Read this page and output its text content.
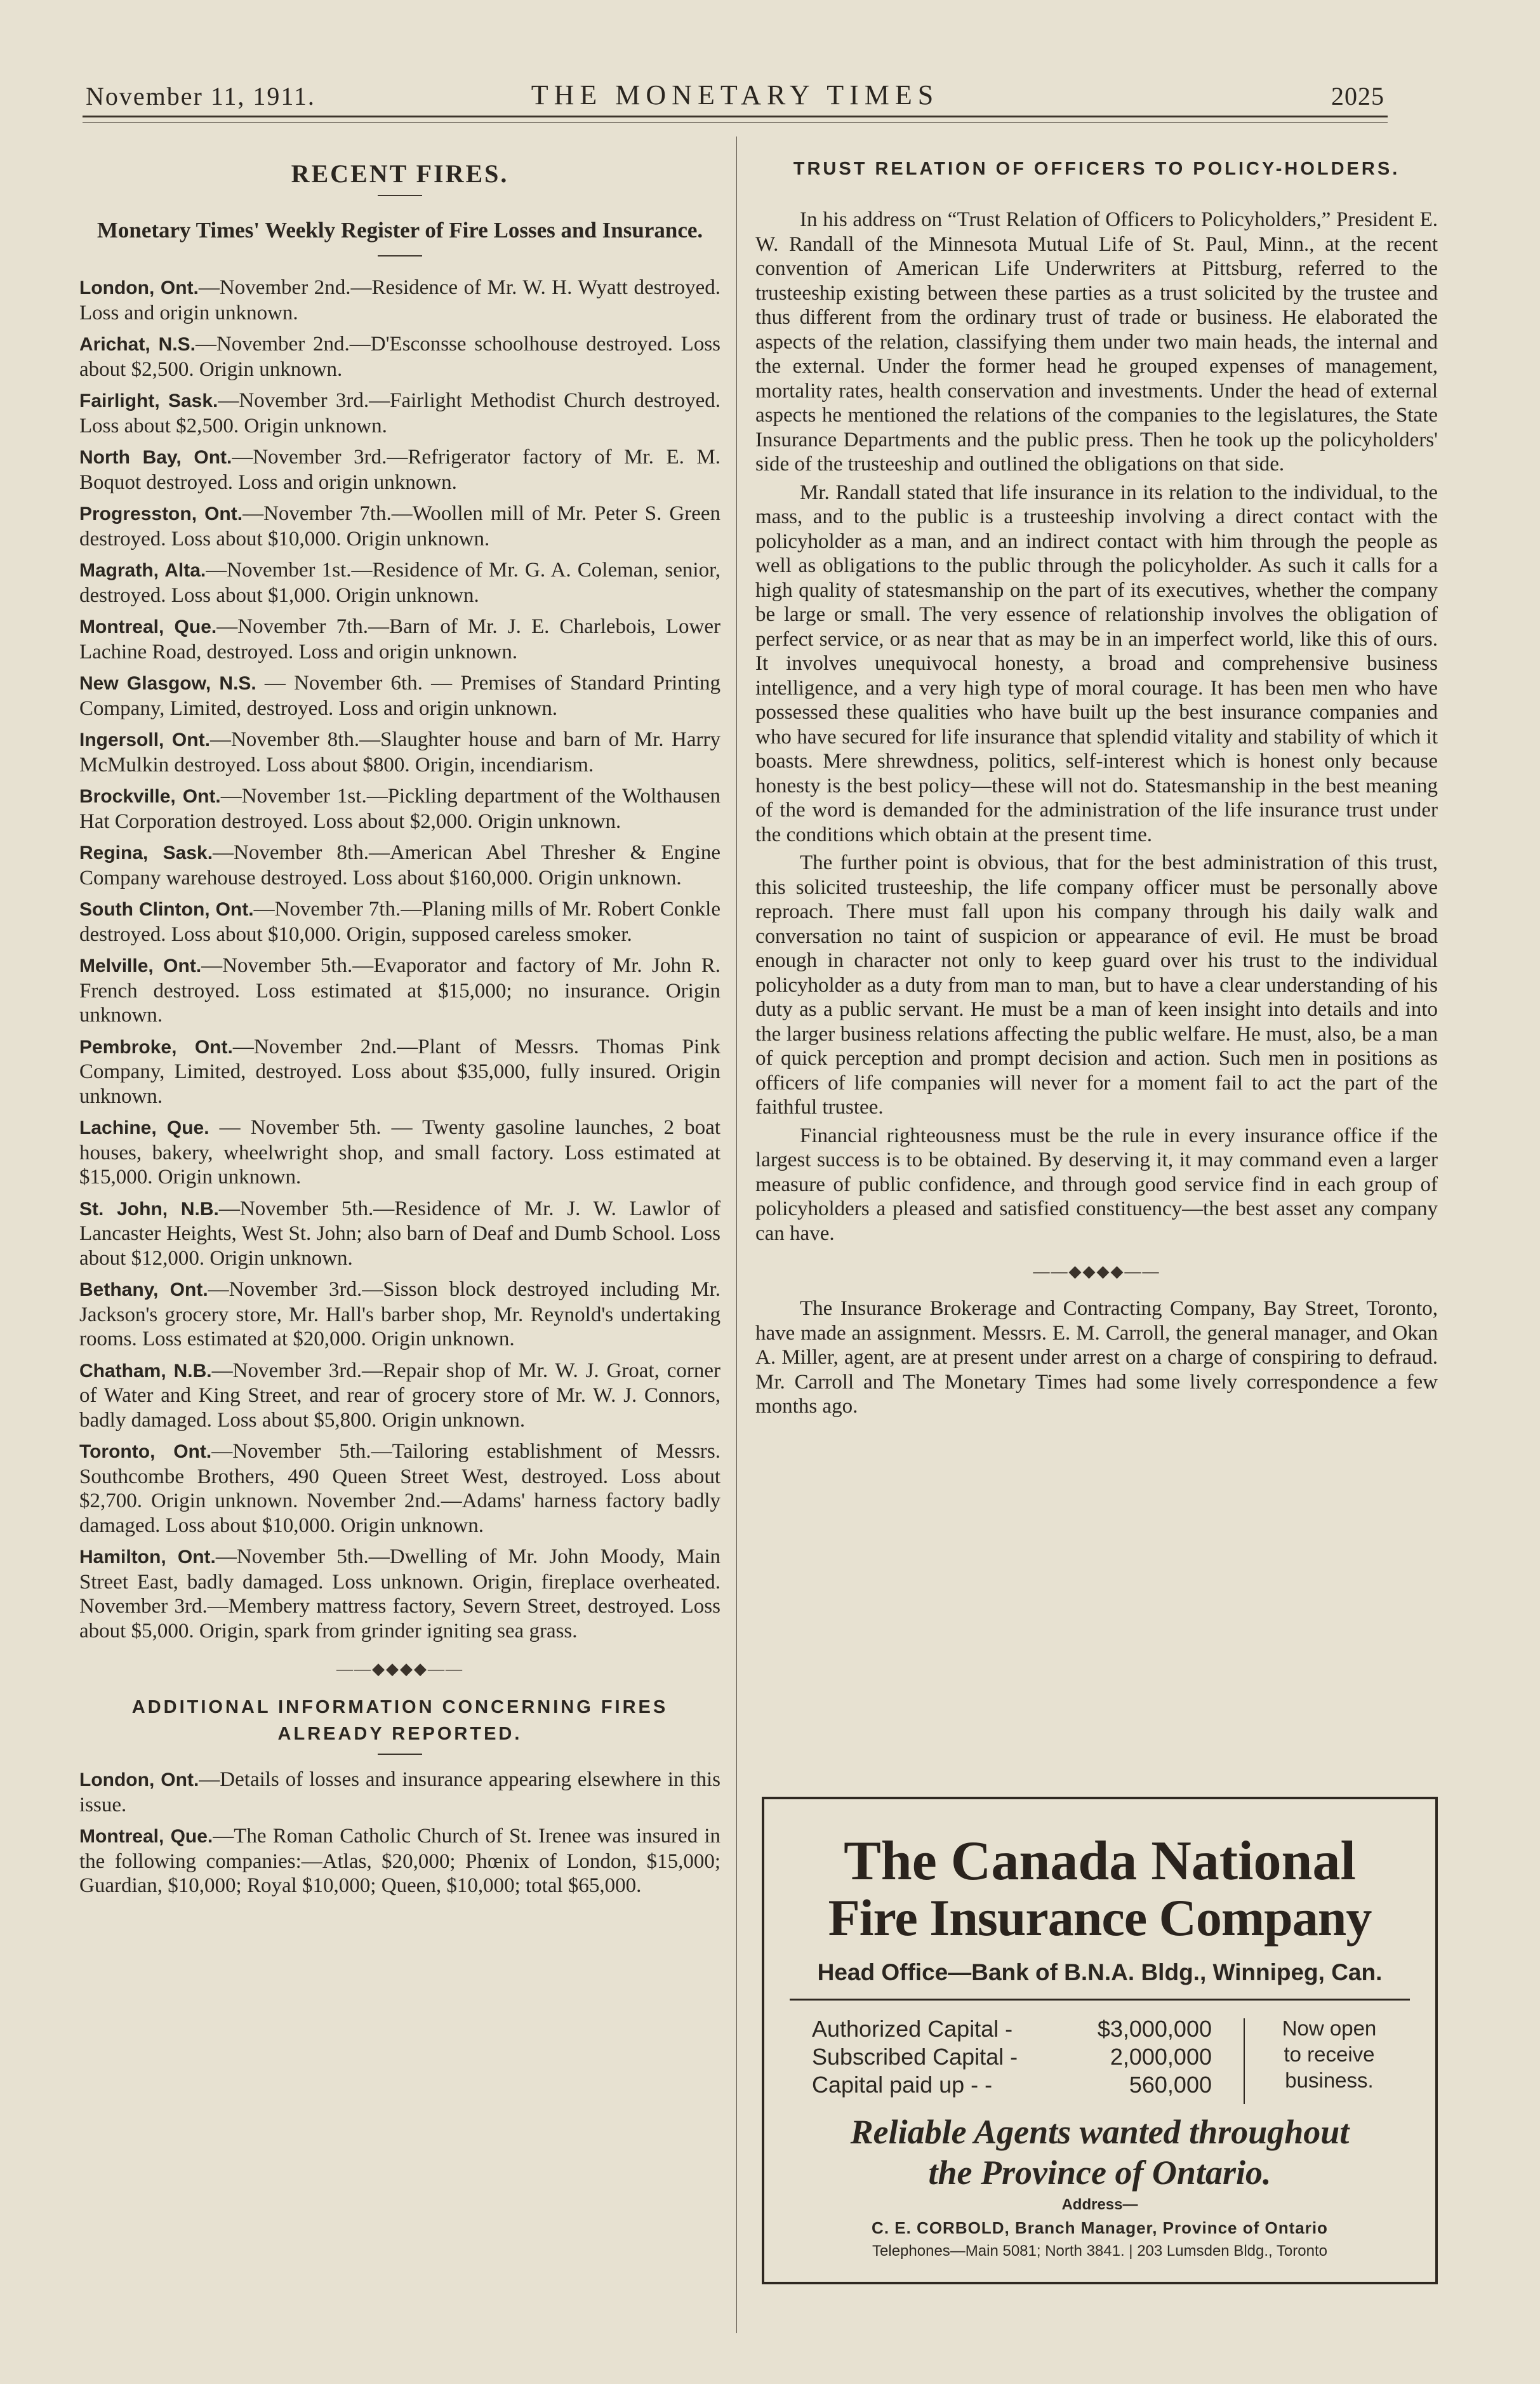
November 11, 1911.	THE MONETARY TIMES	2025
RECENT FIRES.
Monetary Times' Weekly Register of Fire Losses and Insurance.

London, Ont.—November 2nd.—Residence of Mr. W. H. Wyatt destroyed. Loss and origin unknown.

Arichat, N.S.—November 2nd.—D'Esconsse schoolhouse destroyed. Loss about $2,500. Origin unknown.

Fairlight, Sask.—November 3rd.—Fairlight Methodist Church destroyed. Loss about $2,500. Origin unknown.

North Bay, Ont.—November 3rd.—Refrigerator factory of Mr. E. M. Boquot destroyed. Loss and origin unknown.

Progresston, Ont.—November 7th.—Woollen mill of Mr. Peter S. Green destroyed. Loss about $10,000. Origin unknown.

Magrath, Alta.—November 1st.—Residence of Mr. G. A. Coleman, senior, destroyed. Loss about $1,000. Origin unknown.

Montreal, Que.—November 7th.—Barn of Mr. J. E. Charlebois, Lower Lachine Road, destroyed. Loss and origin unknown.

New Glasgow, N.S. — November 6th. — Premises of Standard Printing Company, Limited, destroyed. Loss and origin unknown.

Ingersoll, Ont.—November 8th.—Slaughter house and barn of Mr. Harry McMulkin destroyed. Loss about $800. Origin, incendiarism.

Brockville, Ont.—November 1st.—Pickling department of the Wolthausen Hat Corporation destroyed. Loss about $2,000. Origin unknown.

Regina, Sask.—November 8th.—American Abel Thresher & Engine Company warehouse destroyed. Loss about $160,000. Origin unknown.

South Clinton, Ont.—November 7th.—Planing mills of Mr. Robert Conkle destroyed. Loss about $10,000. Origin, supposed careless smoker.

Melville, Ont.—November 5th.—Evaporator and factory of Mr. John R. French destroyed. Loss estimated at $15,000; no insurance. Origin unknown.

Pembroke, Ont.—November 2nd.—Plant of Messrs. Thomas Pink Company, Limited, destroyed. Loss about $35,000, fully insured. Origin unknown.

Lachine, Que. — November 5th. — Twenty gasoline launches, 2 boat houses, bakery, wheelwright shop, and small factory. Loss estimated at $15,000. Origin unknown.

St. John, N.B.—November 5th.—Residence of Mr. J. W. Lawlor of Lancaster Heights, West St. John; also barn of Deaf and Dumb School. Loss about $12,000. Origin unknown.

Bethany, Ont.—November 3rd.—Sisson block destroyed including Mr. Jackson's grocery store, Mr. Hall's barber shop, Mr. Reynold's undertaking rooms. Loss estimated at $20,000. Origin unknown.

Chatham, N.B.—November 3rd.—Repair shop of Mr. W. J. Groat, corner of Water and King Street, and rear of grocery store of Mr. W. J. Connors, badly damaged. Loss about $5,800. Origin unknown.

Toronto, Ont.—November 5th.—Tailoring establishment of Messrs. Southcombe Brothers, 490 Queen Street West, destroyed. Loss about $2,700. Origin unknown. November 2nd.—Adams' harness factory badly damaged. Loss about $10,000. Origin unknown.

Hamilton, Ont.—November 5th.—Dwelling of Mr. John Moody, Main Street East, badly damaged. Loss unknown. Origin, fireplace overheated. November 3rd.—Membery mattress factory, Severn Street, destroyed. Loss about $5,000. Origin, spark from grinder igniting sea grass.

——◆◆◆◆——
ADDITIONAL INFORMATION CONCERNING FIRES ALREADY REPORTED.

London, Ont.—Details of losses and insurance appearing elsewhere in this issue.

Montreal, Que.—The Roman Catholic Church of St. Irenee was insured in the following companies:—Atlas, $20,000; Phœnix of London, $15,000; Guardian, $10,000; Royal $10,000; Queen, $10,000; total $65,000.

TRUST RELATION OF OFFICERS TO POLICY-HOLDERS.
In his address on “Trust Relation of Officers to Policyholders,” President E. W. Randall of the Minnesota Mutual Life of St. Paul, Minn., at the recent convention of American Life Underwriters at Pittsburg, referred to the trusteeship existing between these parties as a trust solicited by the trustee and thus different from the ordinary trust of trade or business. He elaborated the aspects of the relation, classifying them under two main heads, the internal and the external. Under the former head he grouped expenses of management, mortality rates, health conservation and investments. Under the head of external aspects he mentioned the relations of the companies to the legislatures, the State Insurance Departments and the public press. Then he took up the policyholders' side of the trusteeship and outlined the obligations on that side.
Mr. Randall stated that life insurance in its relation to the individual, to the mass, and to the public is a trusteeship involving a direct contact with the policyholder as a man, and an indirect contact with him through the people as well as obligations to the public through the policyholder. As such it calls for a high quality of statesmanship on the part of its executives, whether the company be large or small. The very essence of relationship involves the obligation of perfect service, or as near that as may be in an imperfect world, like this of ours. It involves unequivocal honesty, a broad and comprehensive business intelligence, and a very high type of moral courage. It has been men who have possessed these qualities who have built up the best insurance companies and who have secured for life insurance that splendid vitality and stability of which it boasts. Mere shrewdness, politics, self-interest which is honest only because honesty is the best policy—these will not do. Statesmanship in the best meaning of the word is demanded for the administration of the life insurance trust under the conditions which obtain at the present time.
The further point is obvious, that for the best administration of this trust, this solicited trusteeship, the life company officer must be personally above reproach. There must fall upon his company through his daily walk and conversation no taint of suspicion or appearance of evil. He must be broad enough in character not only to keep guard over his trust to the individual policyholder as a duty from man to man, but to have a clear understanding of his duty as a public servant. He must be a man of keen insight into details and into the larger business relations affecting the public welfare. He must, also, be a man of quick perception and prompt decision and action. Such men in positions as officers of life companies will never for a moment fail to act the part of the faithful trustee.
Financial righteousness must be the rule in every insurance office if the largest success is to be obtained. By deserving it, it may command even a larger measure of public confidence, and through good service find in each group of policyholders a pleased and satisfied constituency—the best asset any company can have.
——◆◆◆◆——
The Insurance Brokerage and Contracting Company, Bay Street, Toronto, have made an assignment. Messrs. E. M. Carroll, the general manager, and Okan A. Miller, agent, are at present under arrest on a charge of conspiring to defraud. Mr. Carroll and The Monetary Times had some lively correspondence a few months ago.
The Canada National
Fire Insurance Company
Head Office—Bank of B.N.A. Bldg., Winnipeg, Can.
Authorized Capital -	$3,000,000
Subscribed Capital -	2,000,000
Capital paid up - -	560,000
Now open
to receive
business.
Reliable Agents wanted throughout
the Province of Ontario.
Address—
C. E. CORBOLD, Branch Manager, Province of Ontario
Telephones—Main 5081; North 3841. | 203 Lumsden Bldg., Toronto
